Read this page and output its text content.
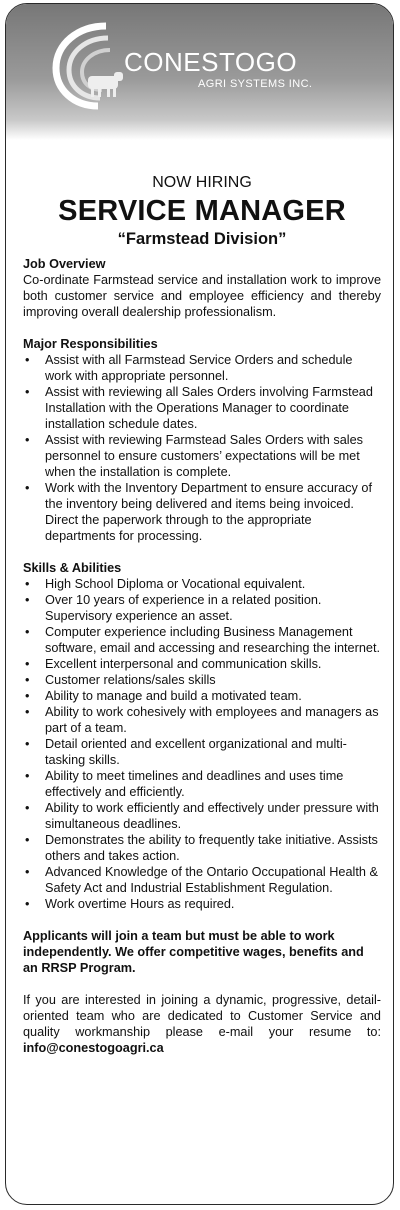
CONESTOGO
AGRI SYSTEMS INC.

NOW HIRING

SERVICE MANAGER

“Farmstead Division”

Job Overview

Co-ordinate Farmstead service and installation work to improve both customer service and employee efficiency and thereby improving overall dealership professionalism.

Major Responsibilities
• Assist with all Farmstead Service Orders and schedule work with appropriate personnel.
• Assist with reviewing all Sales Orders involving Farmstead Installation with the Operations Manager to coordinate installation schedule dates.
• Assist with reviewing Farmstead Sales Orders with sales personnel to ensure customers’ expectations will be met when the installation is complete.
• Work with the Inventory Department to ensure accuracy of the inventory being delivered and items being invoiced. Direct the paperwork through to the appropriate departments for processing.
Skills & Abilities
• High School Diploma or Vocational equivalent.
• Over 10 years of experience in a related position. Supervisory experience an asset.
• Computer experience including Business Management software, email and accessing and researching the internet.
• Excellent interpersonal and communication skills.
• Customer relations/sales skills
• Ability to manage and build a motivated team.
• Ability to work cohesively with employees and managers as part of a team.
• Detail oriented and excellent organizational and multi-tasking skills.
• Ability to meet timelines and deadlines and uses time effectively and efficiently.
• Ability to work efficiently and effectively under pressure with simultaneous deadlines.
• Demonstrates the ability to frequently take initiative. Assists others and takes action.
• Advanced Knowledge of the Ontario Occupational Health & Safety Act and Industrial Establishment Regulation.
• Work overtime Hours as required.

Applicants will join a team but must be able to work independently. We offer competitive wages, benefits and an RRSP Program.

If you are interested in joining a dynamic, progressive, detail-oriented team who are dedicated to Customer Service and quality workmanship please e-mail your resume to: info@conestogoagri.ca
